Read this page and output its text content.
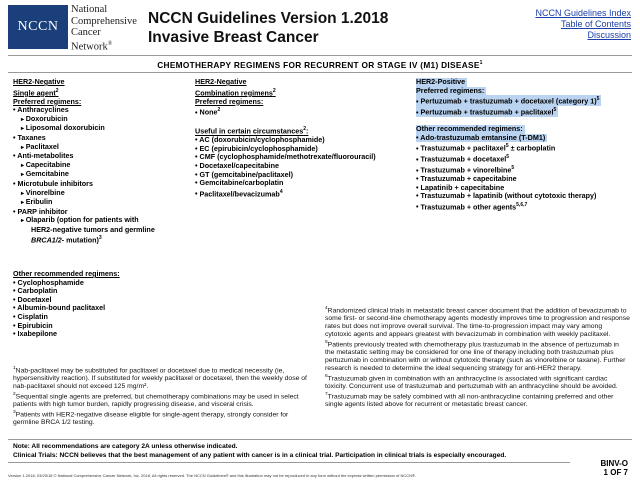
NCCN
National
Comprehensive
Cancer
Network®
NCCN Guidelines Version 1.2018
Invasive Breast Cancer
NCCN Guidelines Index
Table of Contents
Discussion
CHEMOTHERAPY REGIMENS FOR RECURRENT OR STAGE IV (M1) DISEASE$^1$
HER2-Negative
Single agent$^2$
Preferred regimens:
• Anthracyclines
▸ Doxorubicin
▸ Liposomal doxorubicin
• Taxanes
▸ Paclitaxel
• Anti-metabolites
▸ Capecitabine
▸ Gemcitabine
• Microtubule inhibitors
▸ Vinorelbine
▸ Eribulin
• PARP inhibitor
▸ Olaparib (option for patients with
HER2-negative tumors and germline
BRCA1/2- mutation)$^3$
Other recommended regimens:
• Cyclophosphamide
• Carboplatin
• Docetaxel
• Albumin-bound paclitaxel
• Cisplatin
• Epirubicin
• Ixabepilone
HER2-Negative
Combination regimens$^2$
Preferred regimens:
• None$^2$
Useful in certain circumstances$^2$:
• AC (doxorubicin/cyclophosphamide)
• EC (epirubicin/cyclophosphamide)
• CMF (cyclophosphamide/methotrexate/fluorouracil)
• Docetaxel/capecitabine
• GT (gemcitabine/paclitaxel)
• Gemcitabine/carboplatin
• Paclitaxel/bevacizumab$^4$
HER2-Positive
Preferred regimens:
• Pertuzumab + trastuzumab + docetaxel (category 1)$^5$
• Pertuzumab + trastuzumab + paclitaxel$^5$
Other recommended regimens:
• Ado-trastuzumab emtansine (T-DM1)
• Trastuzumab + paclitaxel$^5$ ± carboplatin
• Trastuzumab + docetaxel$^5$
• Trastuzumab + vinorelbine$^5$
• Trastuzumab + capecitabine
• Lapatinib + capecitabine
• Trastuzumab + lapatinib (without cytotoxic therapy)
• Trastuzumab + other agents$^{5,6,7}$

$^1$Nab-paclitaxel may be substituted for paclitaxel or docetaxel due to medical necessity (ie, hypersensitivity reaction). If substituted for weekly paclitaxel or docetaxel, then the weekly dose of nab-paclitaxel should not exceed 125 mg/m².

$^2$Sequential single agents are preferred, but chemotherapy combinations may be used in select patients with high tumor burden, rapidly progressing disease, and visceral crisis.

$^3$Patients with HER2-negative disease eligible for single-agent therapy, strongly consider for germline BRCA 1/2 testing.

$^4$Randomized clinical trials in metastatic breast cancer document that the addition of bevacizumab to some first- or second-line chemotherapy agents modestly improves time to progression and response rates but does not improve overall survival. The time-to-progression impact may vary among cytotoxic agents and appears greatest with bevacizumab in combination with weekly paclitaxel.

$^5$Patients previously treated with chemotherapy plus trastuzumab in the absence of pertuzumab in the metastatic setting may be considered for one line of therapy including both trastuzumab plus pertuzumab in combination with or without cytotoxic therapy (such as vinorelbine or taxane). Further research is needed to determine the ideal sequencing strategy for anti-HER2 therapy.

$^6$Trastuzumab given in combination with an anthracycline is associated with significant cardiac toxicity. Concurrent use of trastuzumab and pertuzumab with an anthracycline should be avoided.

$^7$Trastuzumab may be safely combined with all non-anthracycline containing preferred and other single agents listed above for recurrent or metastatic breast cancer.

Note: All recommendations are category 2A unless otherwise indicated.
Clinical Trials: NCCN believes that the best management of any patient with cancer is in a clinical trial. Participation in clinical trials is especially encouraged.
BINV-O
1 OF 7
Version 1.2018, 03/20/18 © National Comprehensive Cancer Network, Inc. 2018, All rights reserved. The NCCN Guidelines® and this illustration may not be reproduced in any form without the express written permission of NCCN®.
